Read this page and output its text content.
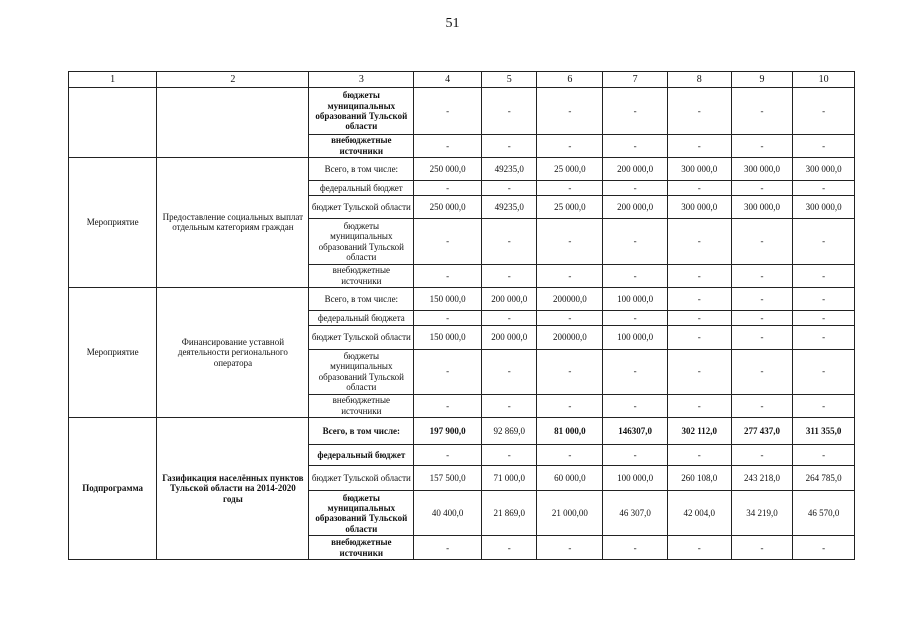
51
1	2	3	4	5	6	7	8	9	10
		бюджеты муниципальных образований Тульской области	-	-	-	-	-	-	-
		внебюджетные источники	-	-	-	-	-	-	-
Мероприятие	Предоставление социальных выплат отдельным категориям граждан	Всего, в том числе:	250 000,0	49235,0	25 000,0	200 000,0	300 000,0	300 000,0	300 000,0
		федеральный бюджет	-	-	-	-	-	-	-
		бюджет Тульской области	250 000,0	49235,0	25 000,0	200 000,0	300 000,0	300 000,0	300 000,0
		бюджеты муниципальных образований Тульской области	-	-	-	-	-	-	-
		внебюджетные источники	-	-	-	-	-	-	-
Мероприятие	Финансирование уставной деятельности регионального оператора	Всего, в том числе:	150 000,0	200 000,0	200000,0	100 000,0	-	-	-
		федеральный бюджета	-	-	-	-	-	-	-
		бюджет Тульской области	150 000,0	200 000,0	200000,0	100 000,0	-	-	-
		бюджеты муниципальных образований Тульской области	-	-	-	-	-	-	-
		внебюджетные источники	-	-	-	-	-	-	-
Подпрограмма	Газификация населённых пунктов Тульской области на 2014-2020 годы	Всего, в том числе:	197 900,0	92 869,0	81 000,0	146307,0	302 112,0	277 437,0	311 355,0
		федеральный бюджет	-	-	-	-	-	-	-
		бюджет Тульской области	157 500,0	71 000,0	60 000,0	100 000,0	260 108,0	243 218,0	264 785,0
		бюджеты муниципальных образований Тульской области	40 400,0	21 869,0	21 000,00	46 307,0	42 004,0	34 219,0	46 570,0
		внебюджетные источники	-	-	-	-	-	-	-
